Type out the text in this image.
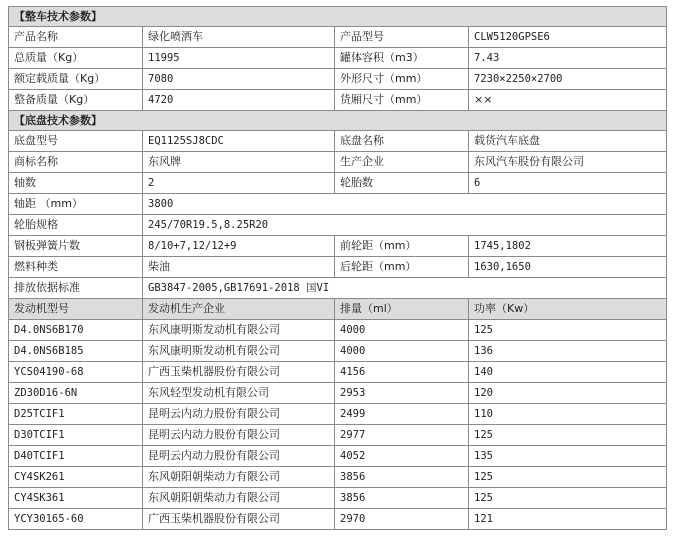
【整车技术参数】			
产品名称	绿化喷洒车	产品型号	CLW5120GPSE6
总质量（Kg）	11995	罐体容积（m3）	7.43
额定载质量（Kg）	7080	外形尺寸（mm）	7230×2250×2700
整备质量（Kg）	4720	货厢尺寸（mm）	××
【底盘技术参数】			
底盘型号	EQ1125SJ8CDC	底盘名称	载货汽车底盘
商标名称	东风牌	生产企业	东风汽车股份有限公司
轴数	2	轮胎数	6
轴距 （mm）	3800		
轮胎规格	245/70R19.5,8.25R20		
钢板弹簧片数	8/10+7,12/12+9	前轮距（mm）	1745,1802
燃料种类	柴油	后轮距（mm）	1630,1650
排放依据标准	GB3847-2005,GB17691-2018 国VI		
发动机型号	发动机生产企业	排量（ml）	功率（Kw）
D4.0NS6B170	东风康明斯发动机有限公司	4000	125
D4.0NS6B185	东风康明斯发动机有限公司	4000	136
YCS04190-68	广西玉柴机器股份有限公司	4156	140
ZD30D16-6N	东风轻型发动机有限公司	2953	120
D25TCIF1	昆明云内动力股份有限公司	2499	110
D30TCIF1	昆明云内动力股份有限公司	2977	125
D40TCIF1	昆明云内动力股份有限公司	4052	135
CY4SK261	东风朝阳朝柴动力有限公司	3856	125
CY4SK361	东风朝阳朝柴动力有限公司	3856	125
YCY30165-60	广西玉柴机器股份有限公司	2970	121
